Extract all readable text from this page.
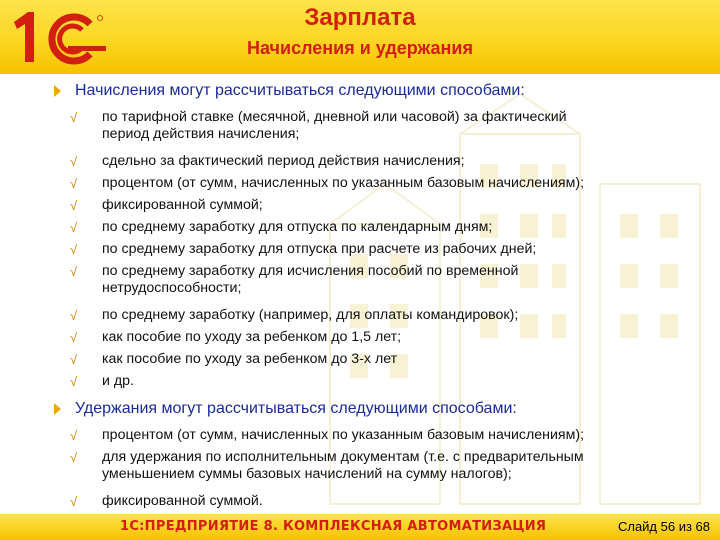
Зарплата
Начисления и удержания
Начисления могут рассчитываться следующими способами:
√	по тарифной ставке (месячной, дневной или часовой) за фактический
период действия начисления;
√	сдельно за фактический период действия начисления;
√	процентом (от сумм, начисленных по указанным базовым начислениям);
√	фиксированной суммой;
√	по среднему заработку для отпуска по календарным дням;
√	по среднему заработку для отпуска при расчете из рабочих дней;
√	по среднему заработку для исчисления пособий по временной
нетрудоспособности;
√	по среднему заработку (например, для оплаты командировок);
√	как пособие по уходу за ребенком до 1,5 лет;
√	как пособие по уходу за ребенком до 3-х лет
√	и др.
Удержания могут рассчитываться следующими способами:
√	процентом (от сумм, начисленных по указанным базовым начислениям);
√	для удержания по исполнительным документам (т.е. с предварительным
уменьшением суммы базовых начислений на сумму налогов);
√	фиксированной суммой.
1С:ПРЕДПРИЯТИЕ 8. КОМПЛЕКСНАЯ АВТОМАТИЗАЦИЯ	Слайд 56 из 68
